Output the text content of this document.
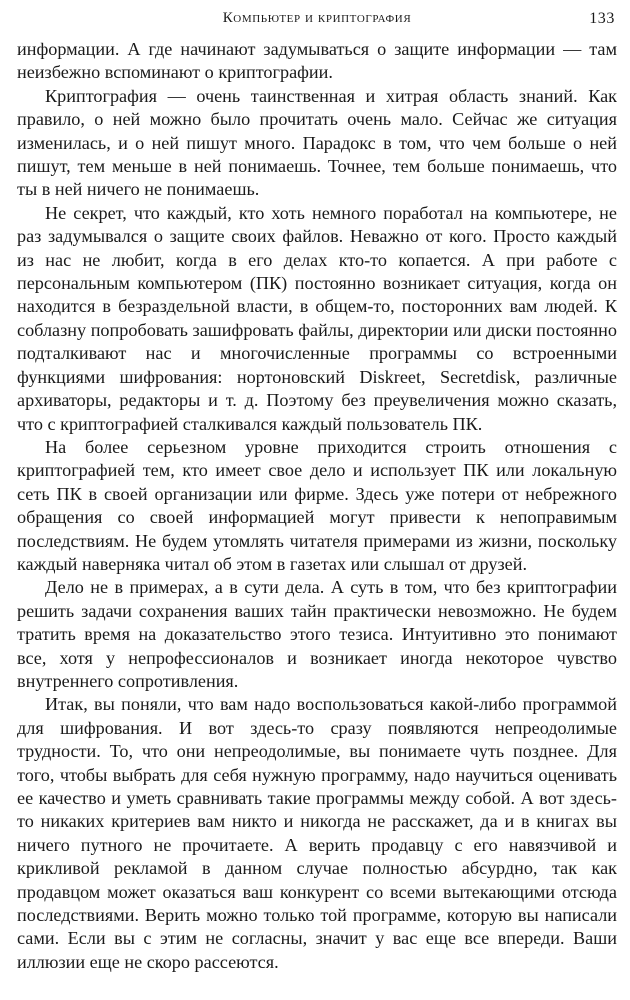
Компьютер и криптография	133

информации. А где начинают задумываться о защите информации — там неизбежно вспоминают о криптографии.

Криптография — очень таинственная и хитрая область знаний. Как правило, о ней можно было прочитать очень мало. Сейчас же ситуация изменилась, и о ней пишут много. Парадокс в том, что чем больше о ней пишут, тем меньше в ней понимаешь. Точнее, тем больше понимаешь, что ты в ней ничего не понимаешь.

Не секрет, что каждый, кто хоть немного поработал на компьютере, не раз задумывался о защите своих файлов. Неважно от кого. Просто каждый из нас не любит, когда в его делах кто-то копается. А при работе с персональным компьютером (ПК) постоянно возникает ситуация, когда он находится в безраздельной власти, в общем-то, посторонних вам людей. К соблазну попробовать зашифровать файлы, директории или диски постоянно подталкивают нас и многочисленные программы со встроенными функциями шифрования: нортоновский Diskreet, Secretdisk, различные архиваторы, редакторы и т. д. Поэтому без преувеличения можно сказать, что с криптографией сталкивался каждый пользователь ПК.

На более серьезном уровне приходится строить отношения с криптографией тем, кто имеет свое дело и использует ПК или локальную сеть ПК в своей организации или фирме. Здесь уже потери от небрежного обращения со своей информацией могут привести к непоправимым последствиям. Не будем утомлять читателя примерами из жизни, поскольку каждый наверняка читал об этом в газетах или слышал от друзей.

Дело не в примерах, а в сути дела. А суть в том, что без криптографии решить задачи сохранения ваших тайн практически невозможно. Не будем тратить время на доказательство этого тезиса. Интуитивно это понимают все, хотя у непрофессионалов и возникает иногда некоторое чувство внутреннего сопротивления.

Итак, вы поняли, что вам надо воспользоваться какой-либо программой для шифрования. И вот здесь-то сразу появляются непреодолимые трудности. То, что они непреодолимые, вы понимаете чуть позднее. Для того, чтобы выбрать для себя нужную программу, надо научиться оценивать ее качество и уметь сравнивать такие программы между собой. А вот здесь-то никаких критериев вам никто и никогда не расскажет, да и в книгах вы ничего путного не прочитаете. А верить продавцу с его навязчивой и крикливой рекламой в данном случае полностью абсурдно, так как продавцом может оказаться ваш конкурент со всеми вытекающими отсюда последствиями. Верить можно только той программе, которую вы написали сами. Если вы с этим не согласны, значит у вас еще все впереди. Ваши иллюзии еще не скоро рассеются.
